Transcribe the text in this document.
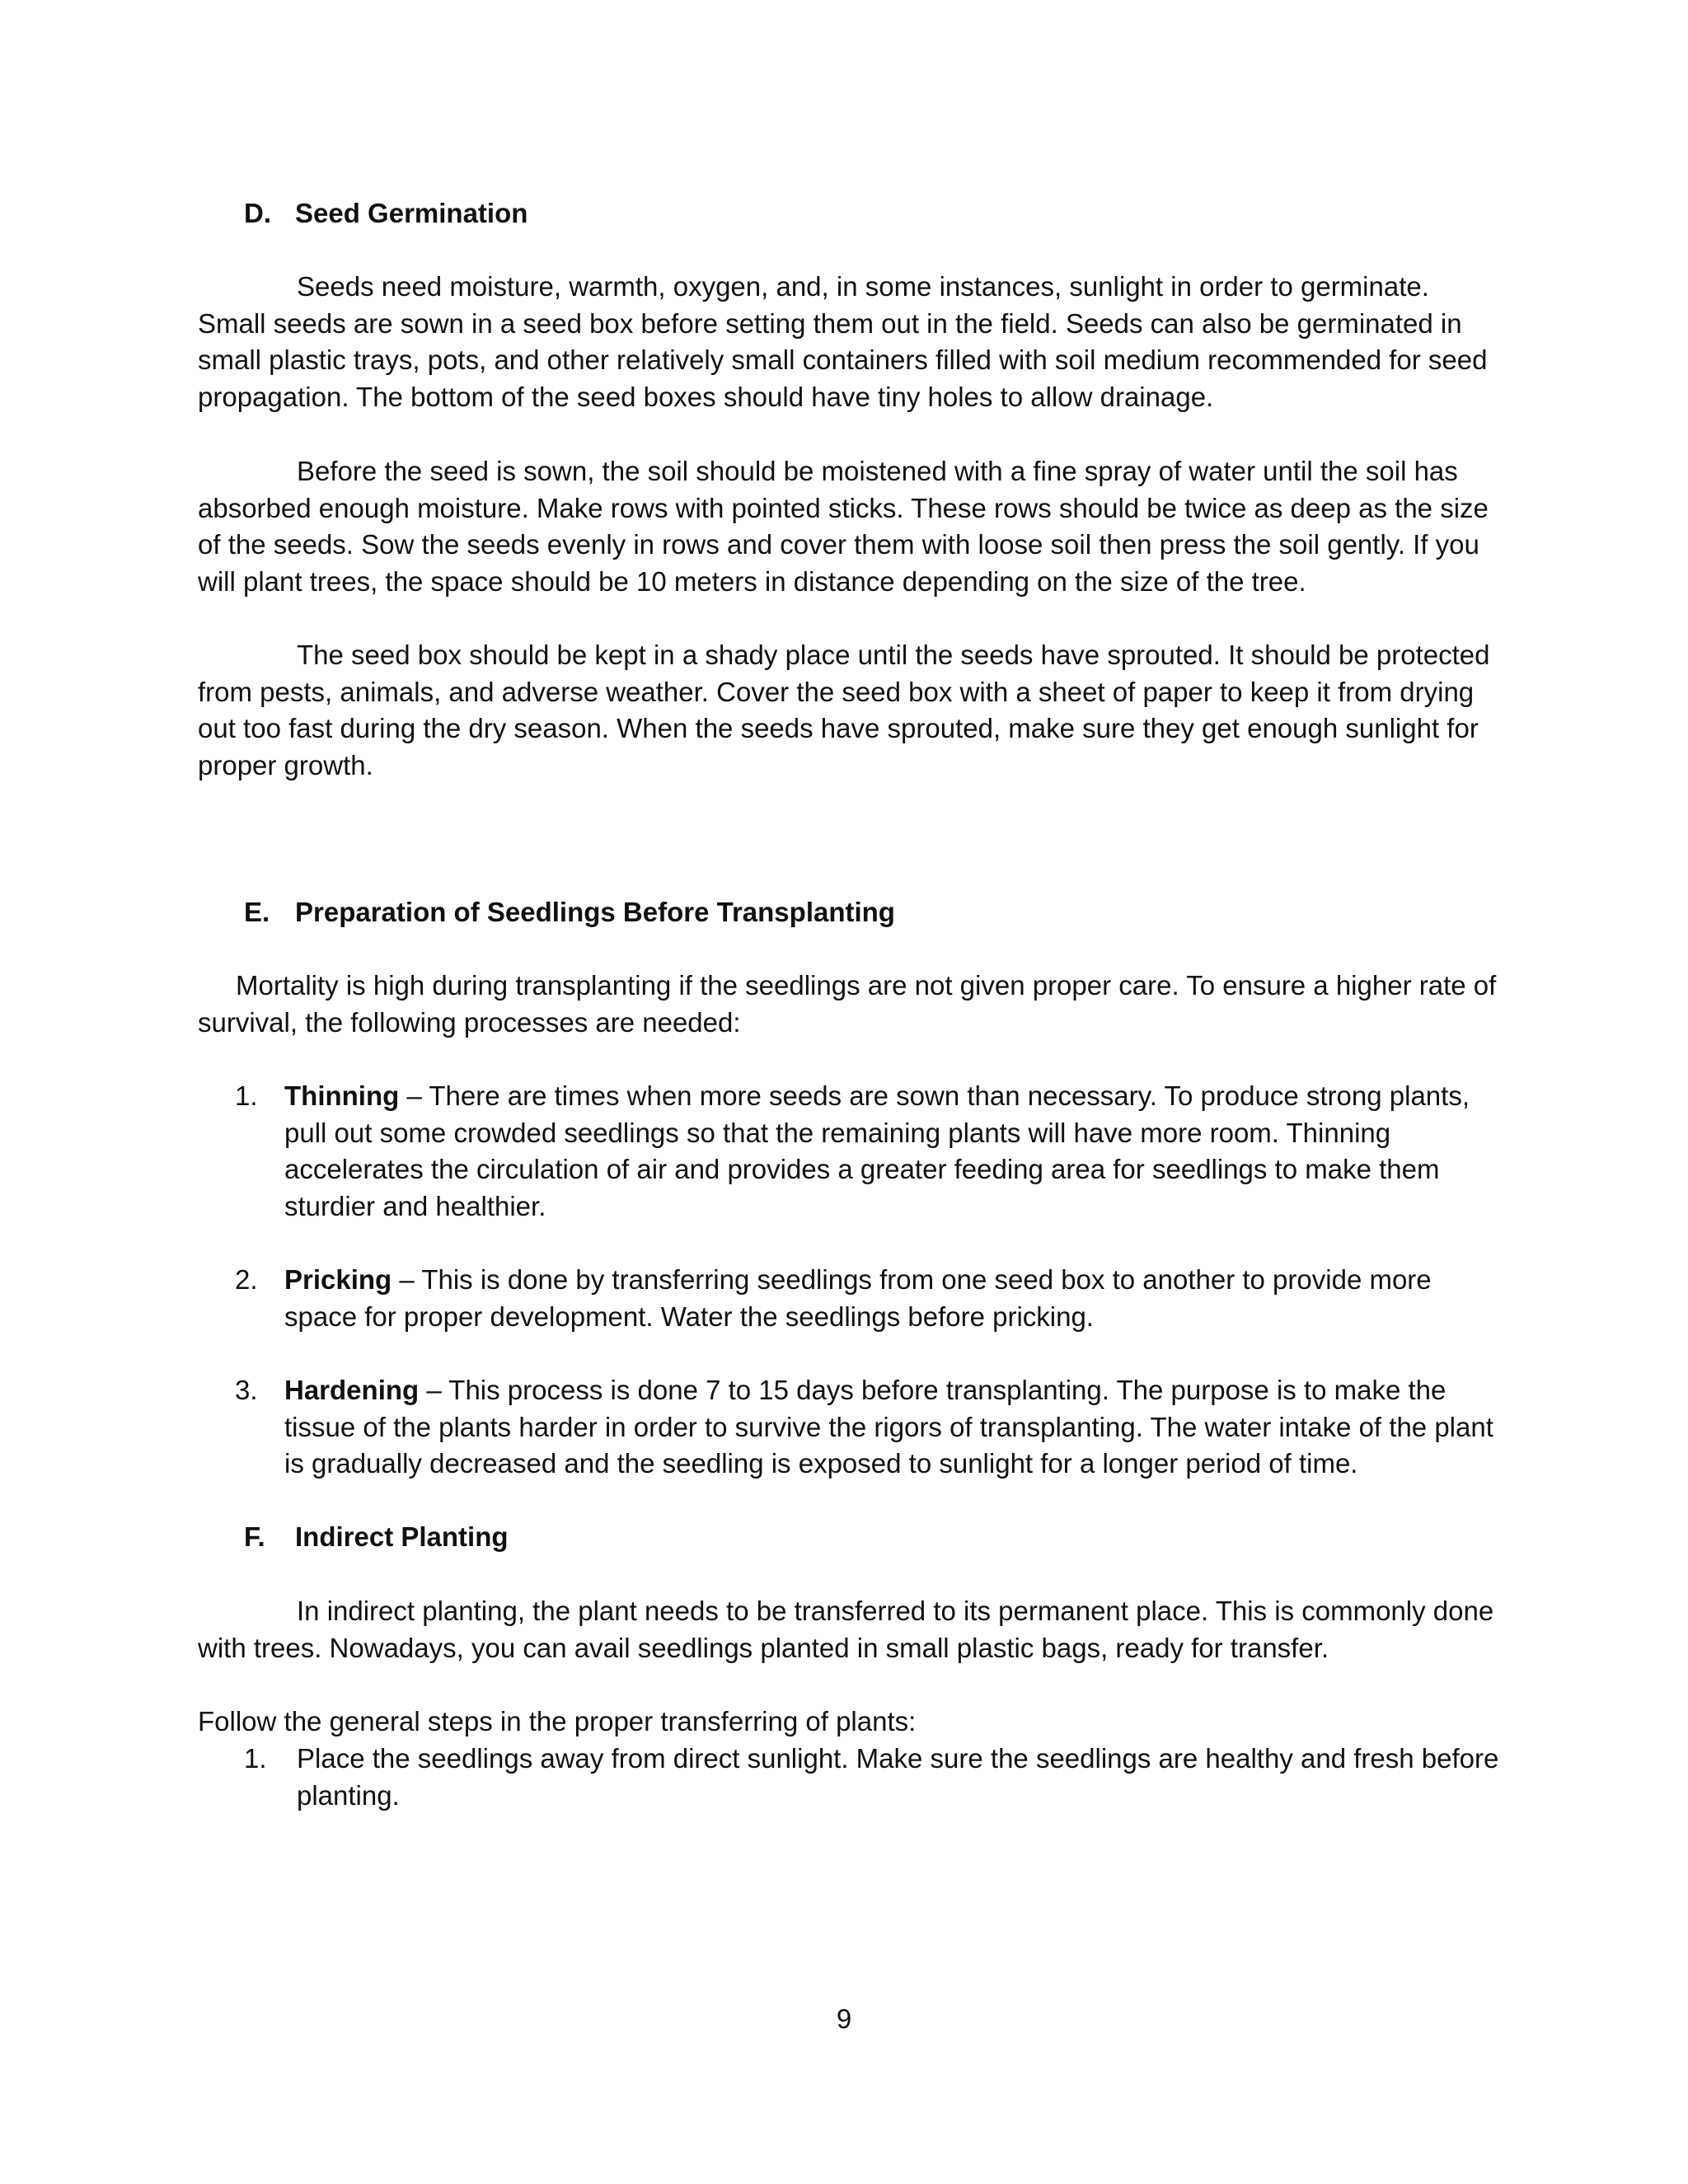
D. Seed Germination

Seeds need moisture, warmth, oxygen, and, in some instances, sunlight in order to germinate. Small seeds are sown in a seed box before setting them out in the field. Seeds can also be germinated in small plastic trays, pots, and other relatively small containers filled with soil medium recommended for seed propagation. The bottom of the seed boxes should have tiny holes to allow drainage.

Before the seed is sown, the soil should be moistened with a fine spray of water until the soil has absorbed enough moisture. Make rows with pointed sticks. These rows should be twice as deep as the size of the seeds. Sow the seeds evenly in rows and cover them with loose soil then press the soil gently. If you will plant trees, the space should be 10 meters in distance depending on the size of the tree.

The seed box should be kept in a shady place until the seeds have sprouted. It should be protected from pests, animals, and adverse weather. Cover the seed box with a sheet of paper to keep it from drying out too fast during the dry season. When the seeds have sprouted, make sure they get enough sunlight for proper growth.

E. Preparation of Seedlings Before Transplanting

Mortality is high during transplanting if the seedlings are not given proper care. To ensure a higher rate of survival, the following processes are needed:

1. Thinning – There are times when more seeds are sown than necessary. To produce strong plants, pull out some crowded seedlings so that the remaining plants will have more room. Thinning accelerates the circulation of air and provides a greater feeding area for seedlings to make them sturdier and healthier.
2. Pricking – This is done by transferring seedlings from one seed box to another to provide more space for proper development. Water the seedlings before pricking.
3. Hardening – This process is done 7 to 15 days before transplanting. The purpose is to make the tissue of the plants harder in order to survive the rigors of transplanting. The water intake of the plant is gradually decreased and the seedling is exposed to sunlight for a longer period of time.
F. Indirect Planting

In indirect planting, the plant needs to be transferred to its permanent place. This is commonly done with trees. Nowadays, you can avail seedlings planted in small plastic bags, ready for transfer.

Follow the general steps in the proper transferring of plants:

1. Place the seedlings away from direct sunlight. Make sure the seedlings are healthy and fresh before planting.
9
